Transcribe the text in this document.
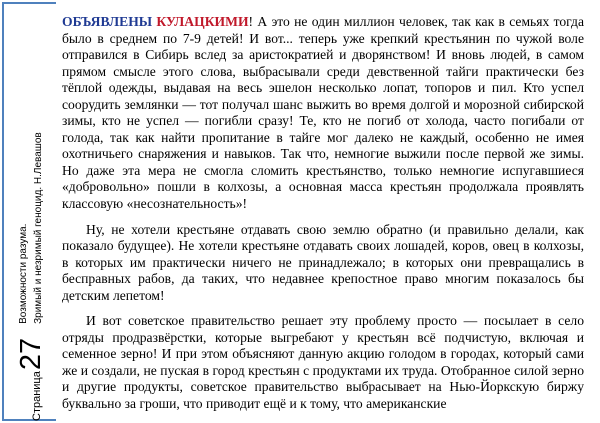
Страница
27
Возможности разума. Зримый и незримый геноцид. Н.Левашов

ОБЪЯВЛЕНЫ КУЛАЦКИМИ! А это не один миллион человек, так как в семьях тогда было в среднем по 7-9 детей! И вот... теперь уже крепкий крестьянин по чужой воле отправился в Сибирь вслед за аристократией и дворянством! И вновь людей, в самом прямом смысле этого слова, выбрасывали среди девственной тайги практически без тёплой одежды, выдавая на весь эшелон несколько лопат, топоров и пил. Кто успел соорудить землянки — тот получал шанс выжить во время долгой и морозной сибирской зимы, кто не успел — погибли сразу! Те, кто не погиб от холода, часто погибали от голода, так как найти пропитание в тайге мог далеко не каждый, особенно не имея охотничьего снаряжения и навыков. Так что, немногие выжили после первой же зимы. Но даже эта мера не смогла сломить крестьянство, только немногие испугавшиеся «добровольно» пошли в колхозы, а основная масса крестьян продолжала проявлять классовую «несознательность»!

Ну, не хотели крестьяне отдавать свою землю обратно (и правильно делали, как показало будущее). Не хотели крестьяне отдавать своих лошадей, коров, овец в колхозы, в которых им практически ничего не принадлежало; в которых они превращались в бесправных рабов, да таких, что недавнее крепостное право многим показалось бы детским лепетом!

И вот советское правительство решает эту проблему просто — посылает в село отряды продразвёрстки, которые выгребают у крестьян всё подчистую, включая и семенное зерно! И при этом объясняют данную акцию голодом в городах, который сами же и создали, не пуская в город крестьян с продуктами их труда. Отобранное силой зерно и другие продукты, советское правительство выбрасывает на Нью-Йоркскую биржу буквально за гроши, что приводит ещё и к тому, что американские
